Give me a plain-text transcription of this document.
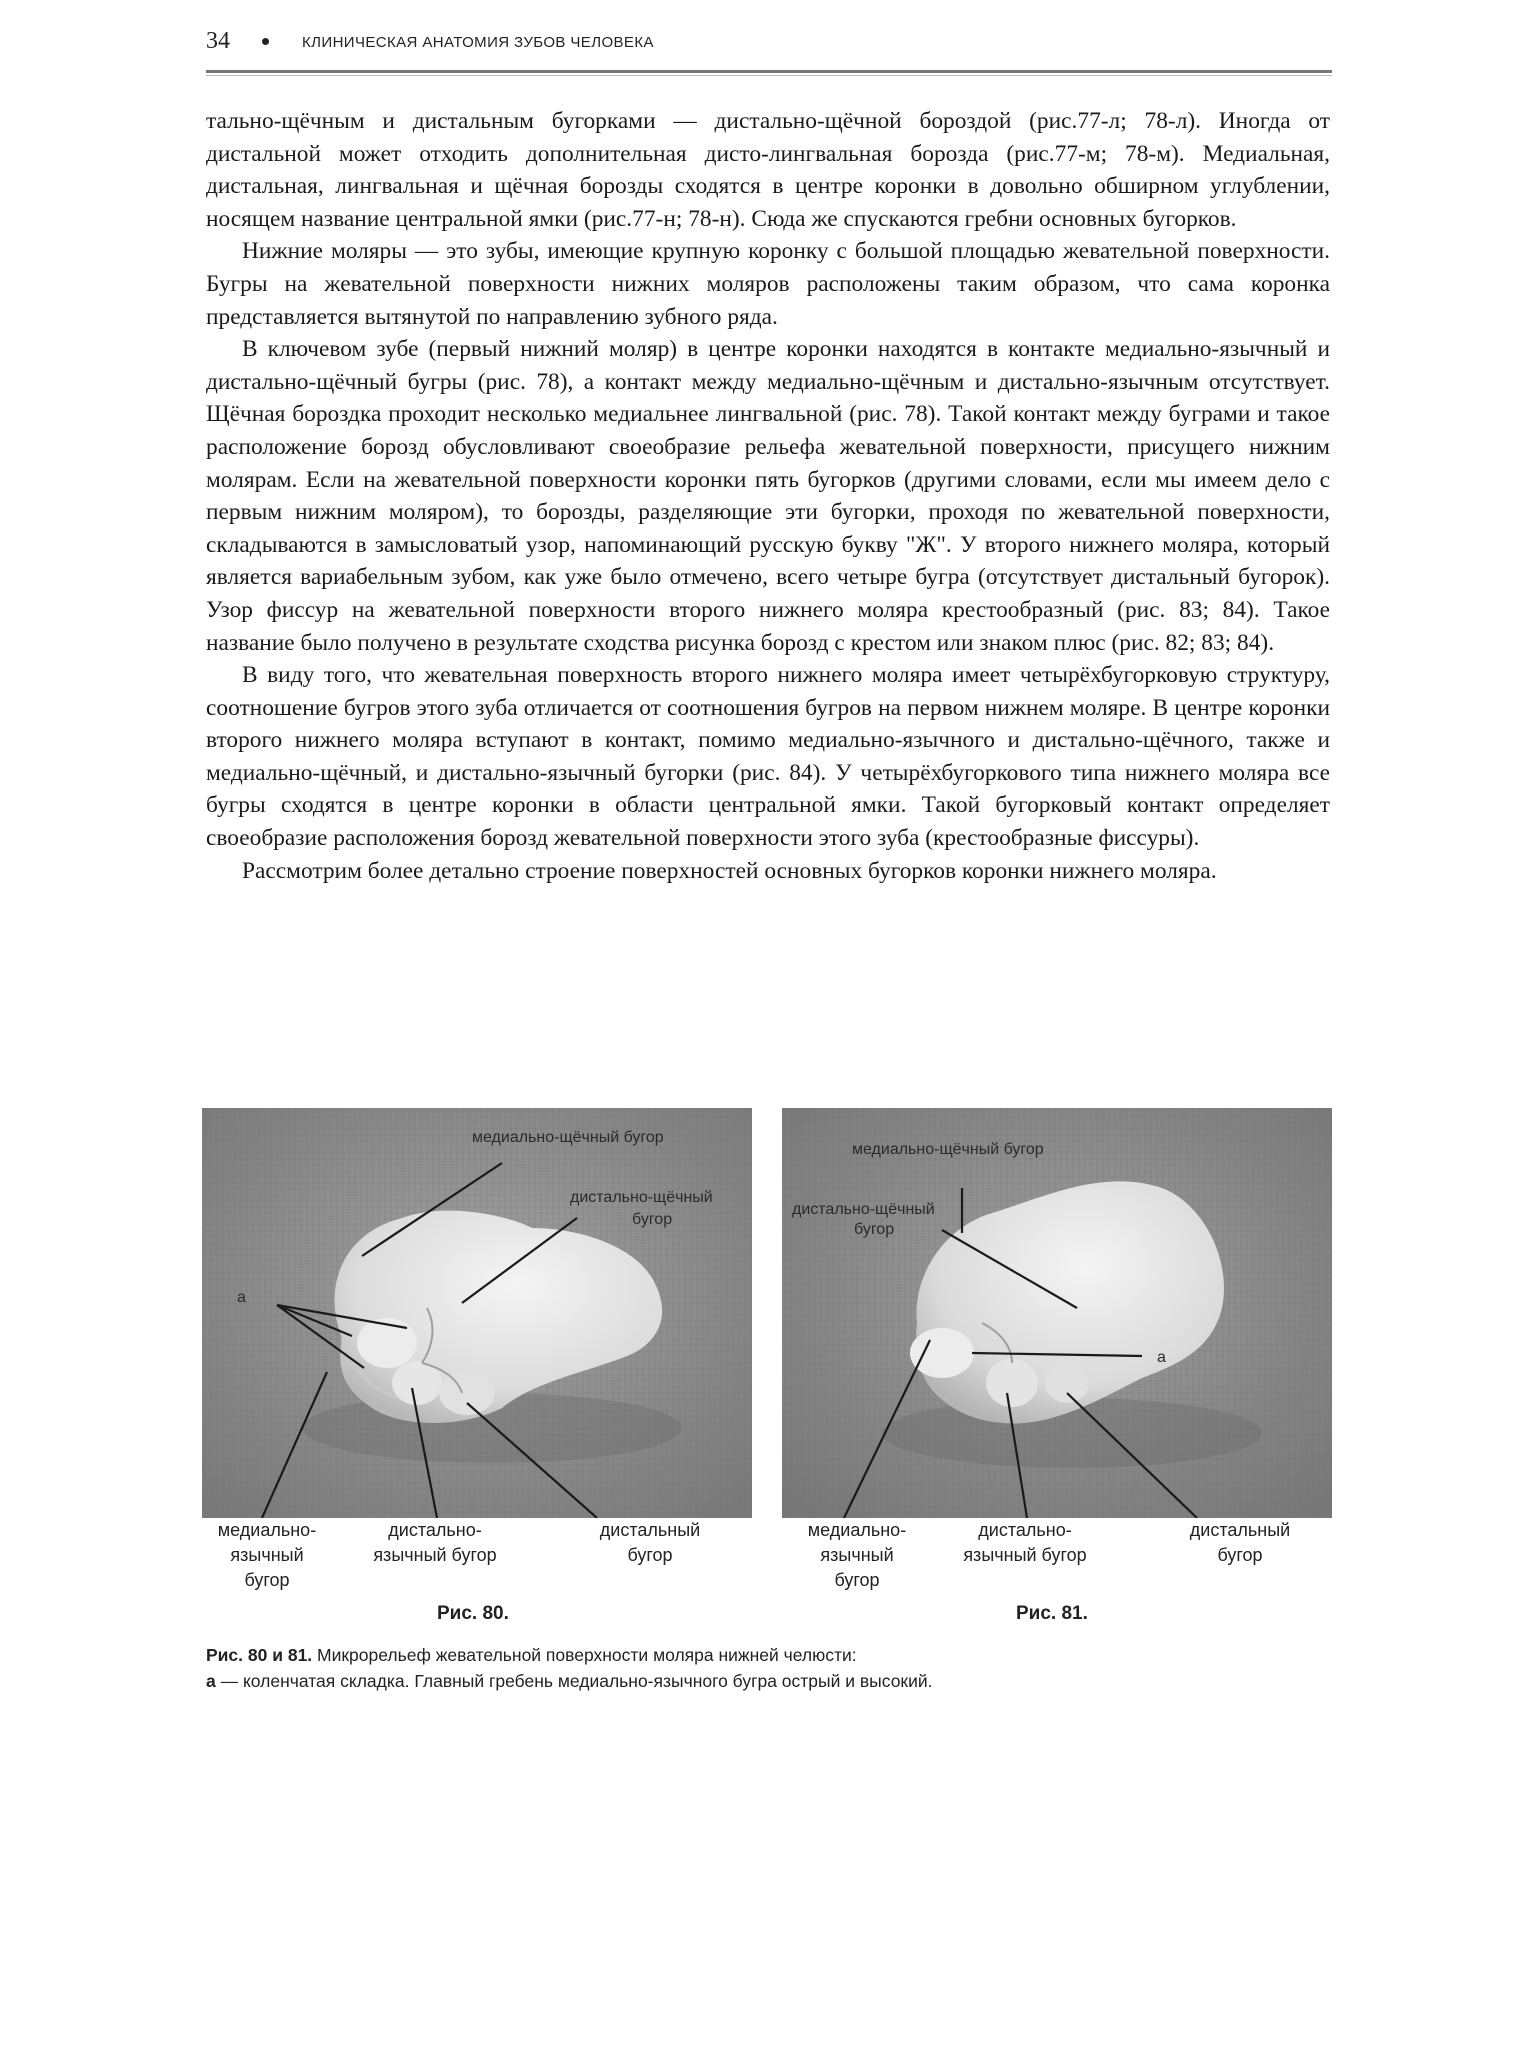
34	КЛИНИЧЕСКАЯ АНАТОМИЯ ЗУБОВ ЧЕЛОВЕКА

тально-щёчным и дистальным бугорками — дистально-щёчной бороздой (рис.77-л; 78-л). Иногда от дистальной может отходить дополнительная дисто-лингвальная борозда (рис.77-м; 78-м). Медиальная, дистальная, лингвальная и щёчная борозды сходятся в центре коронки в довольно обширном углублении, носящем название центральной ямки (рис.77-н; 78-н). Сюда же спускаются гребни основных бугорков.

Нижние моляры — это зубы, имеющие крупную коронку с большой площадью жевательной поверхности. Бугры на жевательной поверхности нижних моляров расположены таким образом, что сама коронка представляется вытянутой по направлению зубного ряда.

В ключевом зубе (первый нижний моляр) в центре коронки находятся в контакте медиально-язычный и дистально-щёчный бугры (рис. 78), а контакт между медиально-щёчным и дистально-язычным отсутствует. Щёчная бороздка проходит несколько медиальнее лингвальной (рис. 78). Такой контакт между буграми и такое расположение борозд обусловливают своеобразие рельефа жевательной поверхности, присущего нижним молярам. Если на жевательной поверхности коронки пять бугорков (другими словами, если мы имеем дело с первым нижним моляром), то борозды, разделяющие эти бугорки, проходя по жевательной поверхности, складываются в замысловатый узор, напоминающий русскую букву "Ж". У второго нижнего моляра, который является вариабельным зубом, как уже было отмечено, всего четыре бугра (отсутствует дистальный бугорок). Узор фиссур на жевательной поверхности второго нижнего моляра крестообразный (рис. 83; 84). Такое название было получено в результате сходства рисунка борозд с крестом или знаком плюс (рис. 82; 83; 84).

В виду того, что жевательная поверхность второго нижнего моляра имеет четырёхбугорковую структуру, соотношение бугров этого зуба отличается от соотношения бугров на первом нижнем моляре. В центре коронки второго нижнего моляра вступают в контакт, помимо медиально-язычного и дистально-щёчного, также и медиально-щёчный, и дистально-язычный бугорки (рис. 84). У четырёхбугоркового типа нижнего моляра все бугры сходятся в центре коронки в области центральной ямки. Такой бугорковый контакт определяет своеобразие расположения борозд жевательной поверхности этого зуба (крестообразные фиссуры).

Рассмотрим более детально строение поверхностей основных бугорков коронки нижнего моляра.

медиально-щёчный бугор
дистально-щёчный
бугор
а
медиально-
язычный
бугор
дистально-
язычный бугор
дистальный
бугор
Рис. 80.
медиально-щёчный бугор
дистально-щёчный
бугор
а
медиально-
язычный
бугор
дистально-
язычный бугор
дистальный
бугор
Рис. 81.
Рис. 80 и 81. Микрорельеф жевательной поверхности моляра нижней челюсти:
а — коленчатая складка. Главный гребень медиально-язычного бугра острый и высокий.
